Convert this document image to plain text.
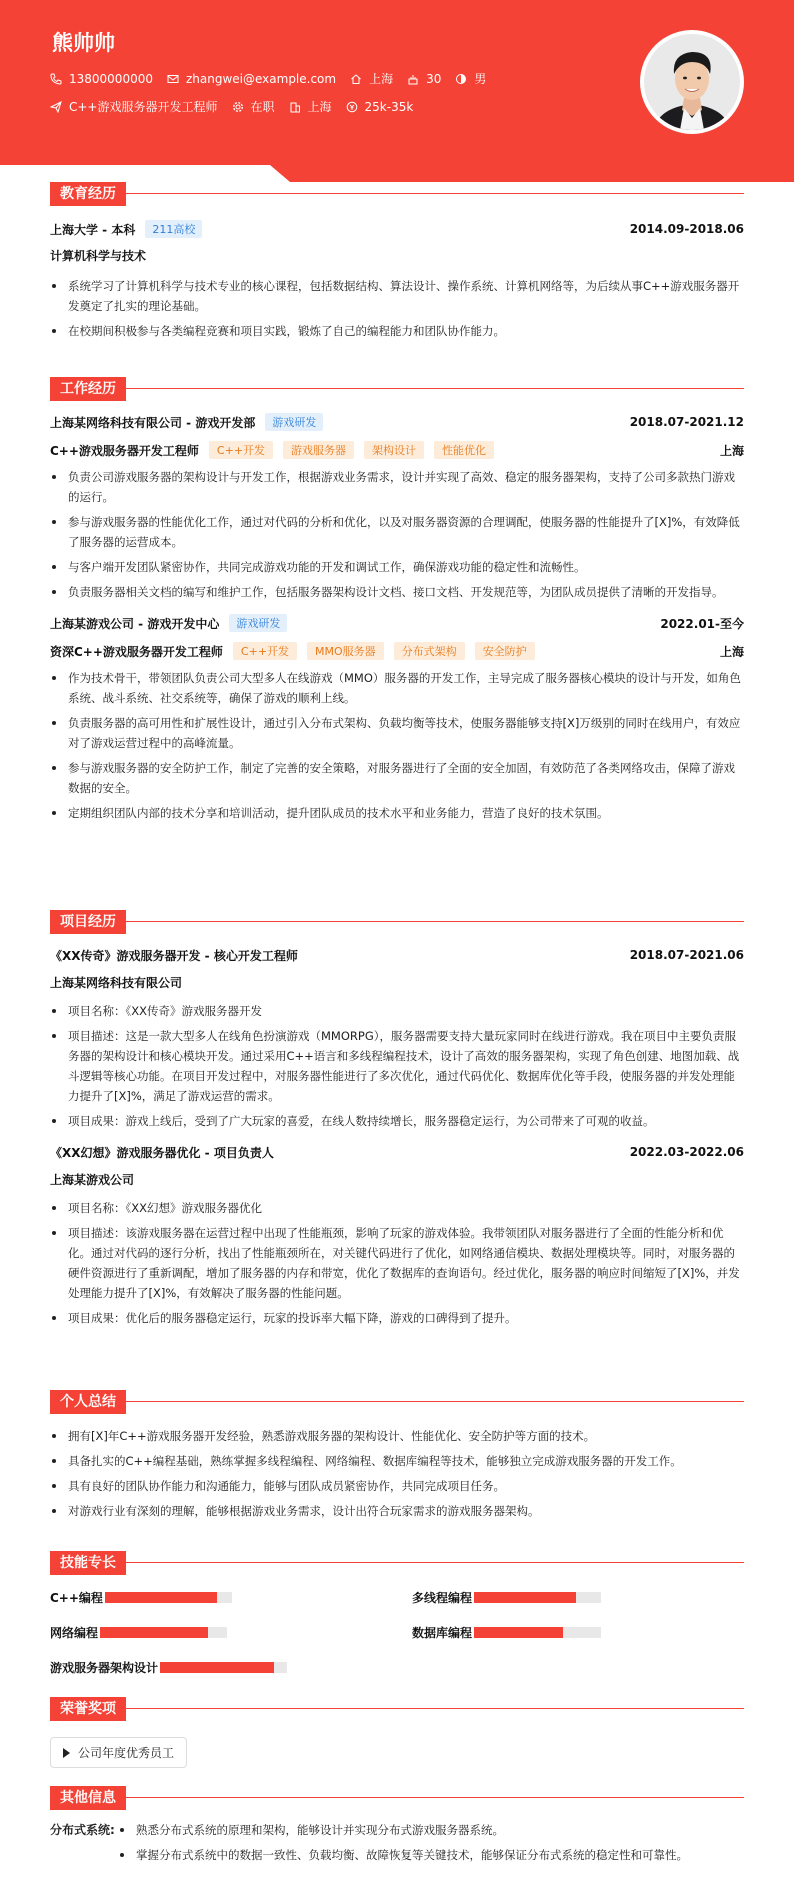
熊帅帅
13800000000	zhangwei@example.com	上海	30	男
C++游戏服务器开发工程师	在职	上海	25k-35k
教育经历
上海大学 - 本科	211高校	2014.09-2018.06
计算机科学与技术
系统学习了计算机科学与技术专业的核心课程，包括数据结构、算法设计、操作系统、计算机网络等，为后续从事C++游戏服务器开发奠定了扎实的理论基础。
在校期间积极参与各类编程竞赛和项目实践，锻炼了自己的编程能力和团队协作能力。
工作经历
上海某网络科技有限公司 - 游戏开发部	游戏研发	2018.07-2021.12
C++游戏服务器开发工程师	C++开发	游戏服务器	架构设计	性能优化	上海
负责公司游戏服务器的架构设计与开发工作，根据游戏业务需求，设计并实现了高效、稳定的服务器架构，支持了公司多款热门游戏的运行。
参与游戏服务器的性能优化工作，通过对代码的分析和优化，以及对服务器资源的合理调配，使服务器的性能提升了[X]%，有效降低了服务器的运营成本。
与客户端开发团队紧密协作，共同完成游戏功能的开发和调试工作，确保游戏功能的稳定性和流畅性。
负责服务器相关文档的编写和维护工作，包括服务器架构设计文档、接口文档、开发规范等，为团队成员提供了清晰的开发指导。
上海某游戏公司 - 游戏开发中心	游戏研发	2022.01-至今
资深C++游戏服务器开发工程师	C++开发	MMO服务器	分布式架构	安全防护	上海
作为技术骨干，带领团队负责公司大型多人在线游戏（MMO）服务器的开发工作，主导完成了服务器核心模块的设计与开发，如角色系统、战斗系统、社交系统等，确保了游戏的顺利上线。
负责服务器的高可用性和扩展性设计，通过引入分布式架构、负载均衡等技术，使服务器能够支持[X]万级别的同时在线用户，有效应对了游戏运营过程中的高峰流量。
参与游戏服务器的安全防护工作，制定了完善的安全策略，对服务器进行了全面的安全加固，有效防范了各类网络攻击，保障了游戏数据的安全。
定期组织团队内部的技术分享和培训活动，提升团队成员的技术水平和业务能力，营造了良好的技术氛围。
项目经历
《XX传奇》游戏服务器开发 - 核心开发工程师	2018.07-2021.06
上海某网络科技有限公司
项目名称：《XX传奇》游戏服务器开发
项目描述：这是一款大型多人在线角色扮演游戏（MMORPG），服务器需要支持大量玩家同时在线进行游戏。我在项目中主要负责服务器的架构设计和核心模块开发。通过采用C++语言和多线程编程技术，设计了高效的服务器架构，实现了角色创建、地图加载、战斗逻辑等核心功能。在项目开发过程中，对服务器性能进行了多次优化，通过代码优化、数据库优化等手段，使服务器的并发处理能力提升了[X]%，满足了游戏运营的需求。
项目成果：游戏上线后，受到了广大玩家的喜爱，在线人数持续增长，服务器稳定运行，为公司带来了可观的收益。
《XX幻想》游戏服务器优化 - 项目负责人	2022.03-2022.06
上海某游戏公司
项目名称：《XX幻想》游戏服务器优化
项目描述：该游戏服务器在运营过程中出现了性能瓶颈，影响了玩家的游戏体验。我带领团队对服务器进行了全面的性能分析和优化。通过对代码的逐行分析，找出了性能瓶颈所在，对关键代码进行了优化，如网络通信模块、数据处理模块等。同时，对服务器的硬件资源进行了重新调配，增加了服务器的内存和带宽，优化了数据库的查询语句。经过优化，服务器的响应时间缩短了[X]%，并发处理能力提升了[X]%，有效解决了服务器的性能问题。
项目成果：优化后的服务器稳定运行，玩家的投诉率大幅下降，游戏的口碑得到了提升。
个人总结
拥有[X]年C++游戏服务器开发经验，熟悉游戏服务器的架构设计、性能优化、安全防护等方面的技术。
具备扎实的C++编程基础，熟练掌握多线程编程、网络编程、数据库编程等技术，能够独立完成游戏服务器的开发工作。
具有良好的团队协作能力和沟通能力，能够与团队成员紧密协作，共同完成项目任务。
对游戏行业有深刻的理解，能够根据游戏业务需求，设计出符合玩家需求的游戏服务器架构。
技能专长
C++编程	多线程编程
网络编程	数据库编程
游戏服务器架构设计
荣誉奖项
公司年度优秀员工
其他信息
分布式系统:	熟悉分布式系统的原理和架构，能够设计并实现分布式游戏服务器系统。
掌握分布式系统中的数据一致性、负载均衡、故障恢复等关键技术，能够保证分布式系统的稳定性和可靠性。
